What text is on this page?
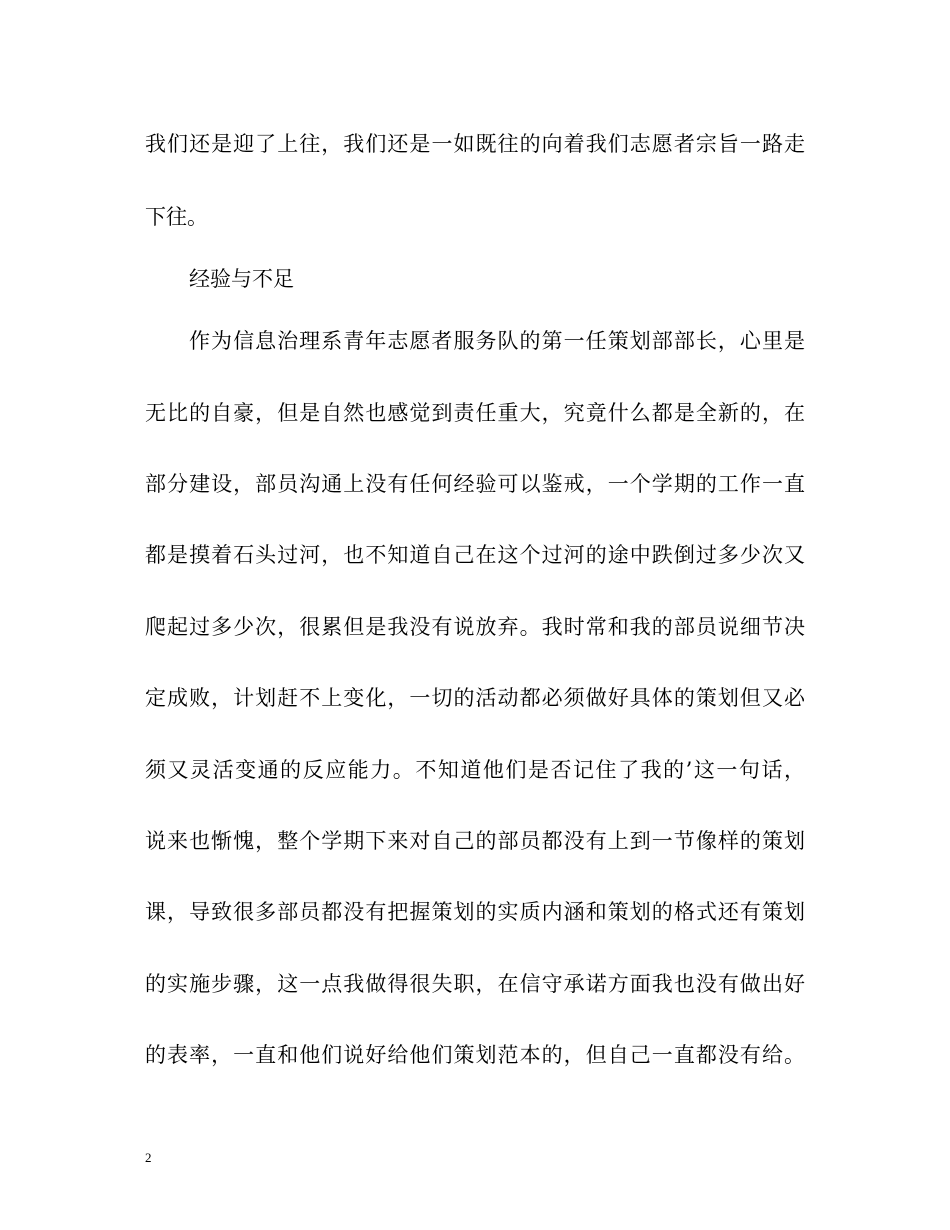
我们还是迎了上往，我们还是一如既往的向着我们志愿者宗旨一路走
下往。
经验与不足
作为信息治理系青年志愿者服务队的第一任策划部部长，心里是
无比的自豪，但是自然也感觉到责任重大，究竟什么都是全新的，在
部分建设，部员沟通上没有任何经验可以鉴戒，一个学期的工作一直
都是摸着石头过河，也不知道自己在这个过河的途中跌倒过多少次又
爬起过多少次，很累但是我没有说放弃。我时常和我的部员说细节决
定成败，计划赶不上变化，一切的活动都必须做好具体的策划但又必
须又灵活变通的反应能力。不知道他们是否记住了我的’这一句话，
说来也惭愧，整个学期下来对自己的部员都没有上到一节像样的策划
课，导致很多部员都没有把握策划的实质内涵和策划的格式还有策划
的实施步骤，这一点我做得很失职，在信守承诺方面我也没有做出好
的表率，一直和他们说好给他们策划范本的，但自己一直都没有给。
2
